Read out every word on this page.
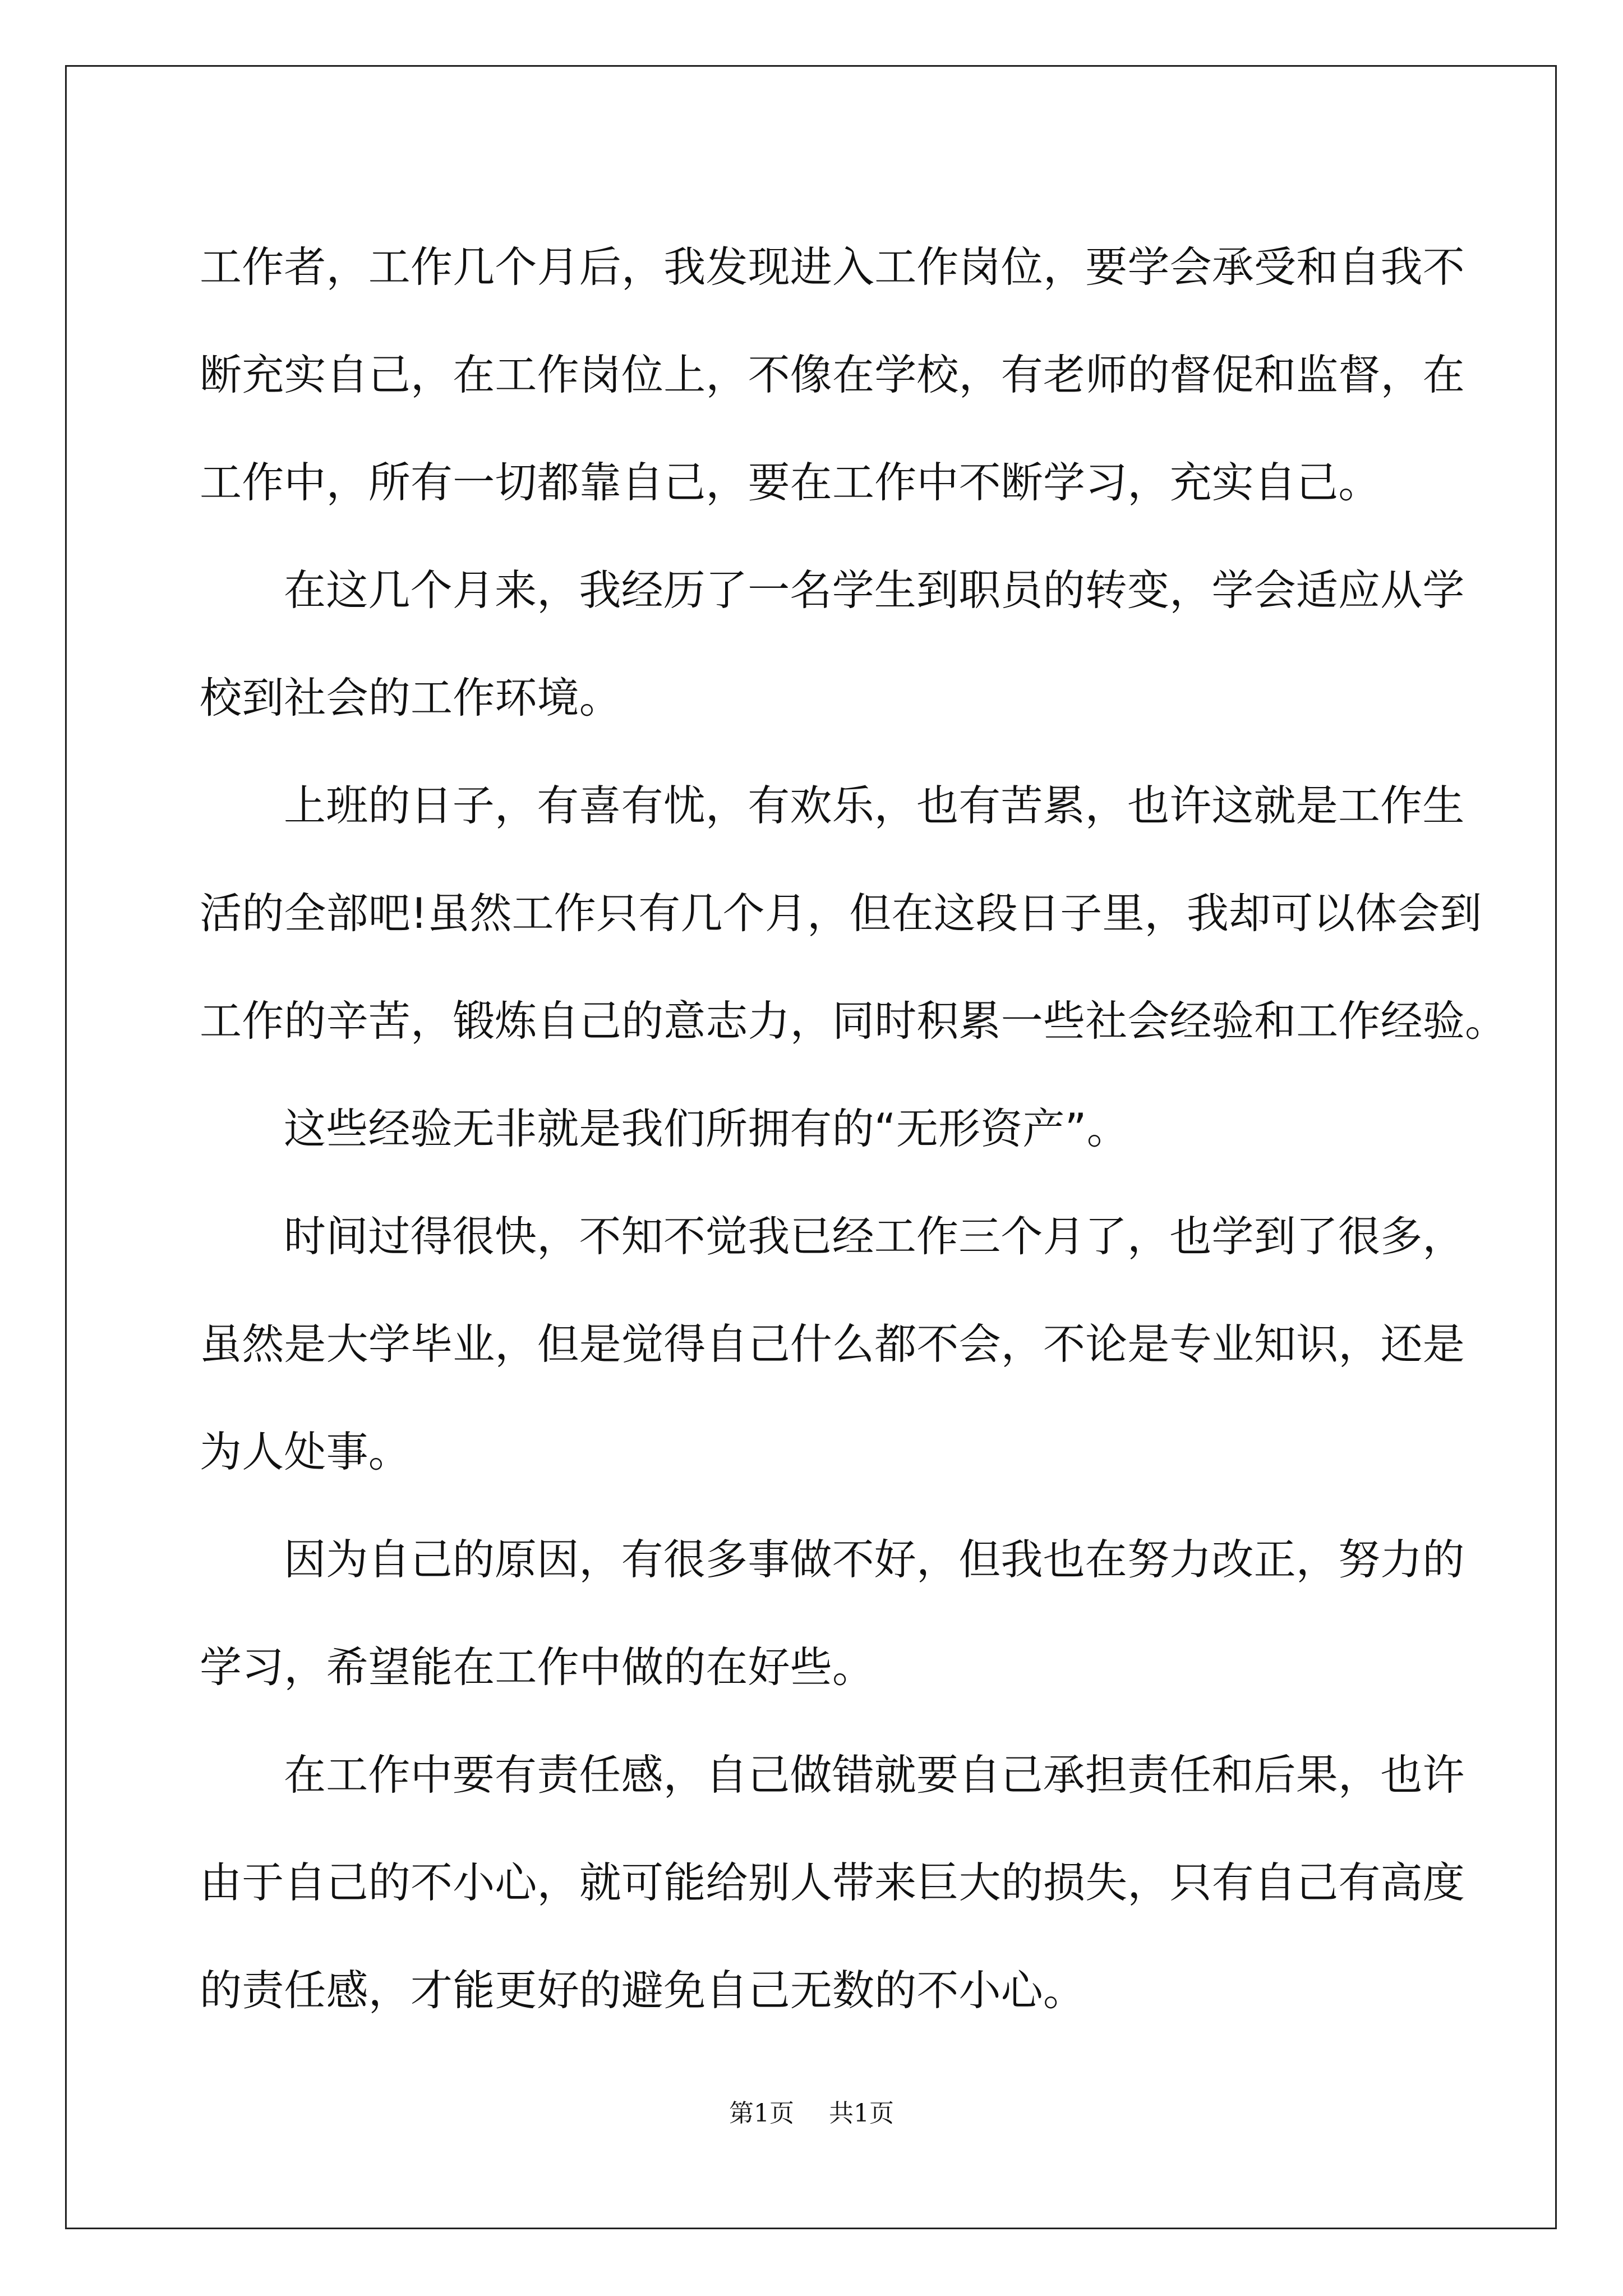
工作者，工作几个月后，我发现进入工作岗位，要学会承受和自我不
断充实自己，在工作岗位上，不像在学校，有老师的督促和监督，在
工作中，所有一切都靠自己，要在工作中不断学习，充实自己。
在这几个月来，我经历了一名学生到职员的转变，学会适应从学
校到社会的工作环境。
上班的日子，有喜有忧，有欢乐，也有苦累，也许这就是工作生
活的全部吧!虽然工作只有几个月，但在这段日子里，我却可以体会到
工作的辛苦，锻炼自己的意志力，同时积累一些社会经验和工作经验。
这些经验无非就是我们所拥有的“无形资产”。
时间过得很快，不知不觉我已经工作三个月了，也学到了很多，
虽然是大学毕业，但是觉得自己什么都不会，不论是专业知识，还是
为人处事。
因为自己的原因，有很多事做不好，但我也在努力改正，努力的
学习，希望能在工作中做的在好些。
在工作中要有责任感，自己做错就要自己承担责任和后果，也许
由于自己的不小心，就可能给别人带来巨大的损失，只有自己有高度
的责任感，才能更好的避免自己无数的不小心。
第1页 共1页
